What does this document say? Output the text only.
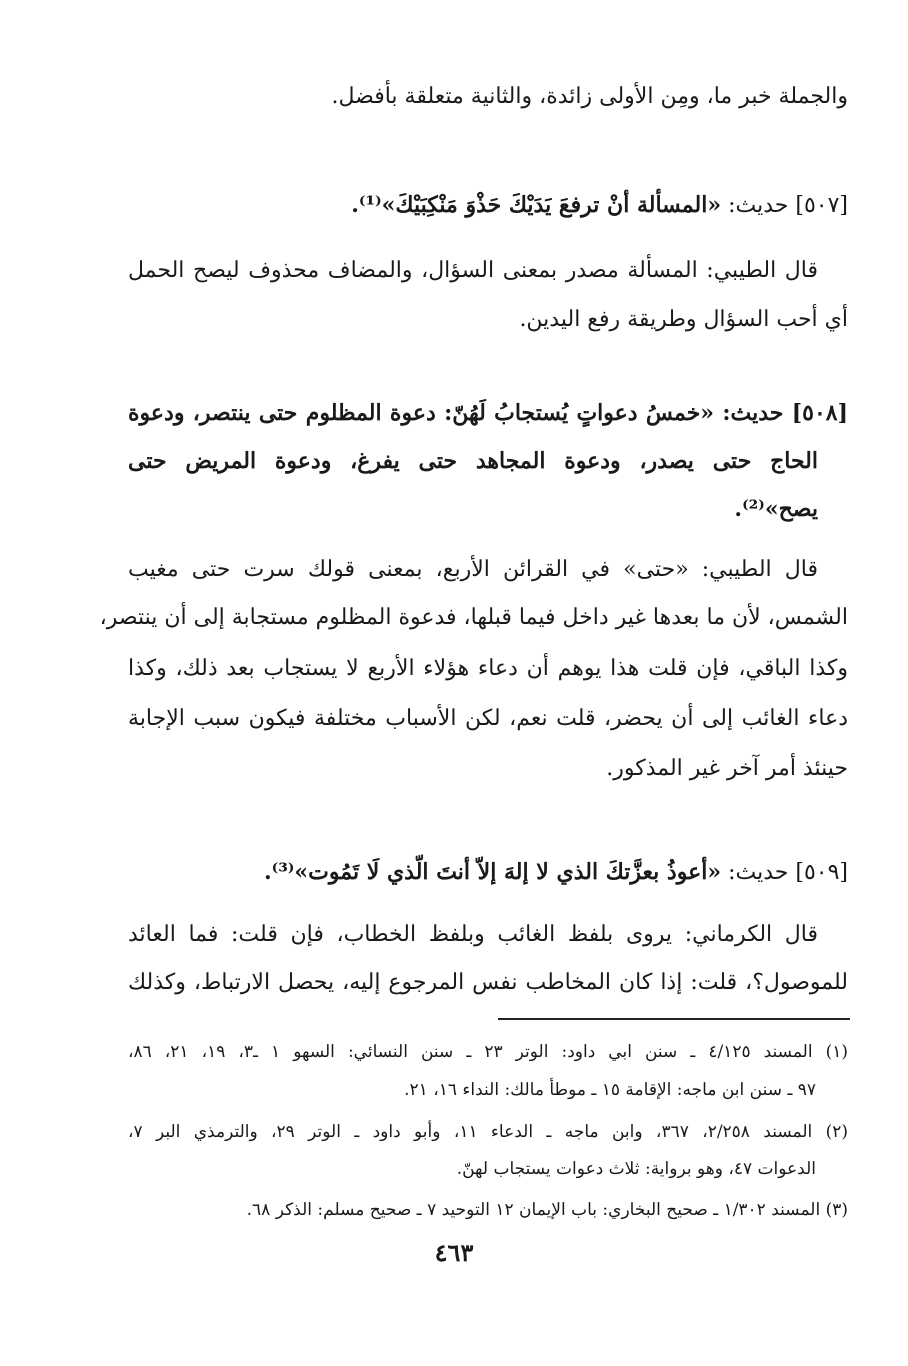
والجملة خبر ما، ومِن الأولى زائدة، والثانية متعلقة بأفضل.
[٥٠٧] حديث: «المسألة أنْ ترفعَ يَدَيْكَ حَذْوَ مَنْكِبَيْكَ»⁽¹⁾.
قال الطيبي: المسألة مصدر بمعنى السؤال، والمضاف محذوف ليصح الحمل
أي أحب السؤال وطريقة رفع اليدين.
[٥٠٨] حديث: «خمسُ دعواتٍ يُستجابُ لَهُنّ: دعوة المظلوم حتى ينتصر، ودعوة
الحاج حتى يصدر، ودعوة المجاهد حتى يفرغ، ودعوة المريض حتى
يصح»⁽²⁾.
قال الطيبي: «حتى» في القرائن الأربع، بمعنى قولك سرت حتى مغيب
الشمس، لأن ما بعدها غير داخل فيما قبلها، فدعوة المظلوم مستجابة إلى أن ينتصر،
وكذا الباقي، فإن قلت هذا يوهم أن دعاء هؤلاء الأربع لا يستجاب بعد ذلك، وكذا
دعاء الغائب إلى أن يحضر، قلت نعم، لكن الأسباب مختلفة فيكون سبب الإجابة
حينئذ أمر آخر غير المذكور.
[٥٠٩] حديث: «أعوذُ بعزَّتكَ الذي لا إلهَ إلاّ أنتَ الّذي لَا تَمُوت»⁽³⁾.
قال الكرماني: يروى بلفظ الغائب وبلفظ الخطاب، فإن قلت: فما العائد
للموصول؟، قلت: إذا كان المخاطب نفس المرجوع إليه، يحصل الارتباط، وكذلك
(١) المسند ٤/١٢٥ ـ سنن ابي داود: الوتر ٢٣ ـ سنن النسائي: السهو ١ ـ٣، ١٩، ٢١، ٨٦،
٩٧ ـ سنن ابن ماجه: الإقامة ١٥ ـ موطأ مالك: النداء ١٦، ٢١.
(٢) المسند ٢/٢٥٨، ٣٦٧، وابن ماجه ـ الدعاء ١١، وأبو داود ـ الوتر ٢٩، والترمذي البر ٧،
الدعوات ٤٧، وهو برواية: ثلاث دعوات يستجاب لهنّ.
(٣) المسند ١/٣٠٢ ـ صحيح البخاري: باب الإيمان ١٢ التوحيد ٧ ـ صحيح مسلم: الذكر ٦٨.
٤٦٣
